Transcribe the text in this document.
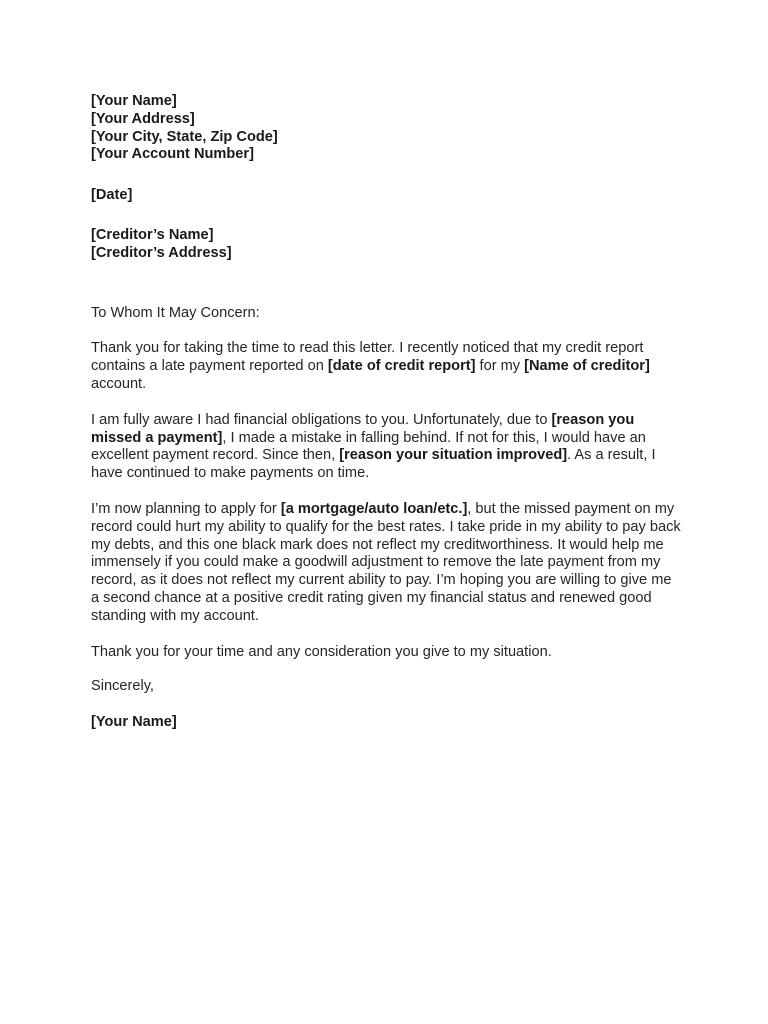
[Your Name]
[Your Address]
[Your City, State, Zip Code]
[Your Account Number]
[Date]
[Creditor’s Name]
[Creditor’s Address]
To Whom It May Concern:
Thank you for taking the time to read this letter. I recently noticed that my credit report contains a late payment reported on [date of credit report] for my [Name of creditor] account.
I am fully aware I had financial obligations to you. Unfortunately, due to [reason you missed a payment], I made a mistake in falling behind. If not for this, I would have an excellent payment record. Since then, [reason your situation improved]. As a result, I have continued to make payments on time.
I’m now planning to apply for [a mortgage/auto loan/etc.], but the missed payment on my record could hurt my ability to qualify for the best rates. I take pride in my ability to pay back my debts, and this one black mark does not reflect my creditworthiness. It would help me immensely if you could make a goodwill adjustment to remove the late payment from my record, as it does not reflect my current ability to pay. I’m hoping you are willing to give me a second chance at a positive credit rating given my financial status and renewed good standing with my account.
Thank you for your time and any consideration you give to my situation.
Sincerely,
[Your Name]
